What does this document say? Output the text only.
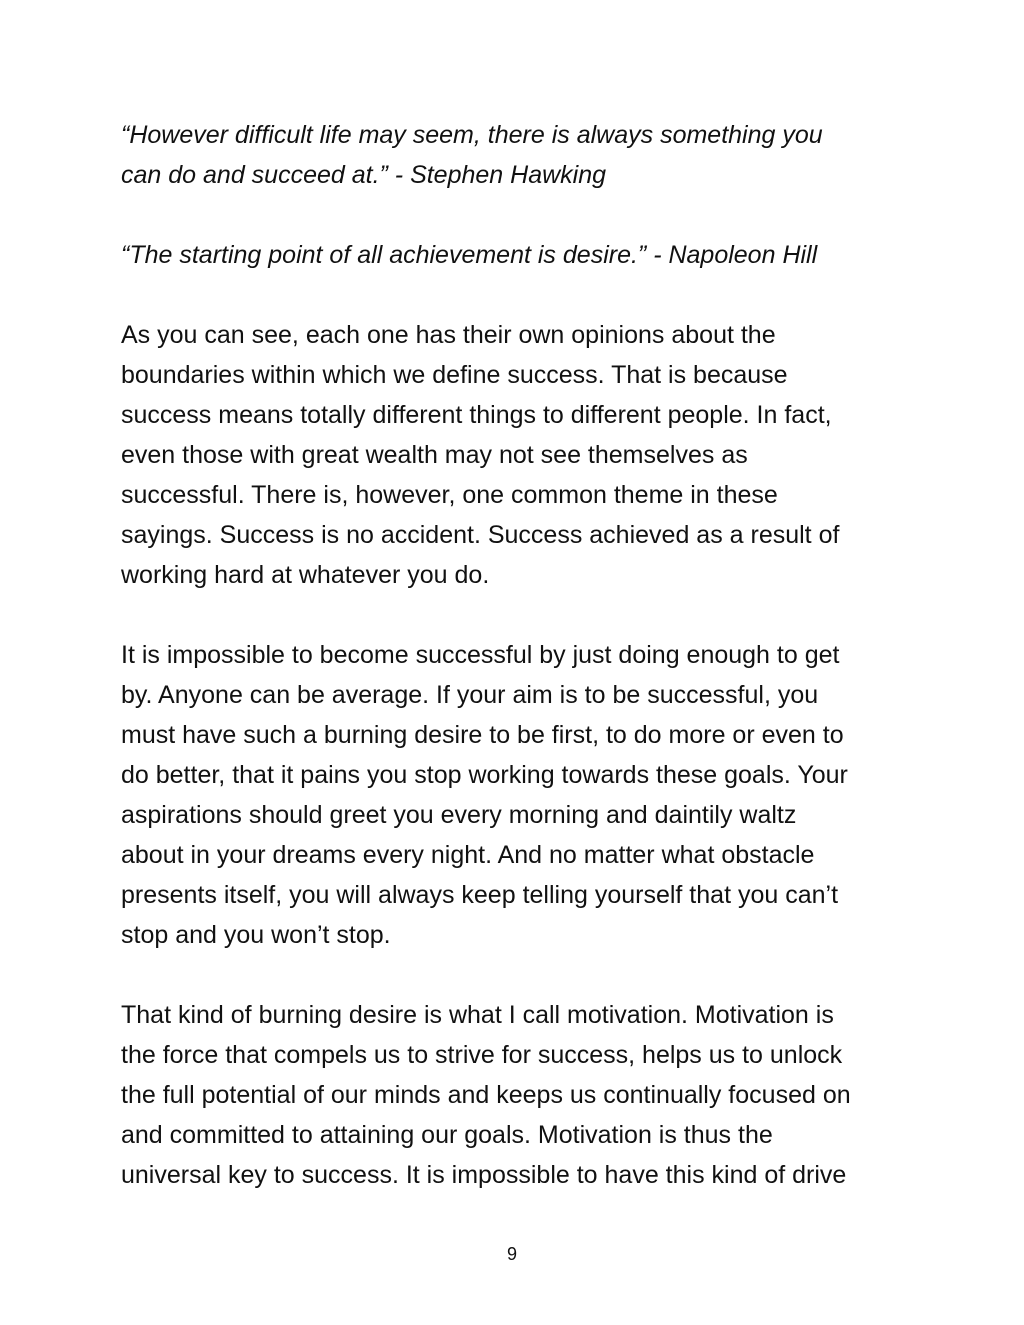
“However difficult life may seem, there is always something you
can do and succeed at.” - Stephen Hawking
“The starting point of all achievement is desire.” - Napoleon Hill
As you can see, each one has their own opinions about the
boundaries within which we define success. That is because
success means totally different things to different people. In fact,
even those with great wealth may not see themselves as
successful. There is, however, one common theme in these
sayings. Success is no accident. Success achieved as a result of
working hard at whatever you do.
It is impossible to become successful by just doing enough to get
by. Anyone can be average. If your aim is to be successful, you
must have such a burning desire to be first, to do more or even to
do better, that it pains you stop working towards these goals. Your
aspirations should greet you every morning and daintily waltz
about in your dreams every night. And no matter what obstacle
presents itself, you will always keep telling yourself that you can’t
stop and you won’t stop.
That kind of burning desire is what I call motivation. Motivation is
the force that compels us to strive for success, helps us to unlock
the full potential of our minds and keeps us continually focused on
and committed to attaining our goals. Motivation is thus the
universal key to success. It is impossible to have this kind of drive
9
